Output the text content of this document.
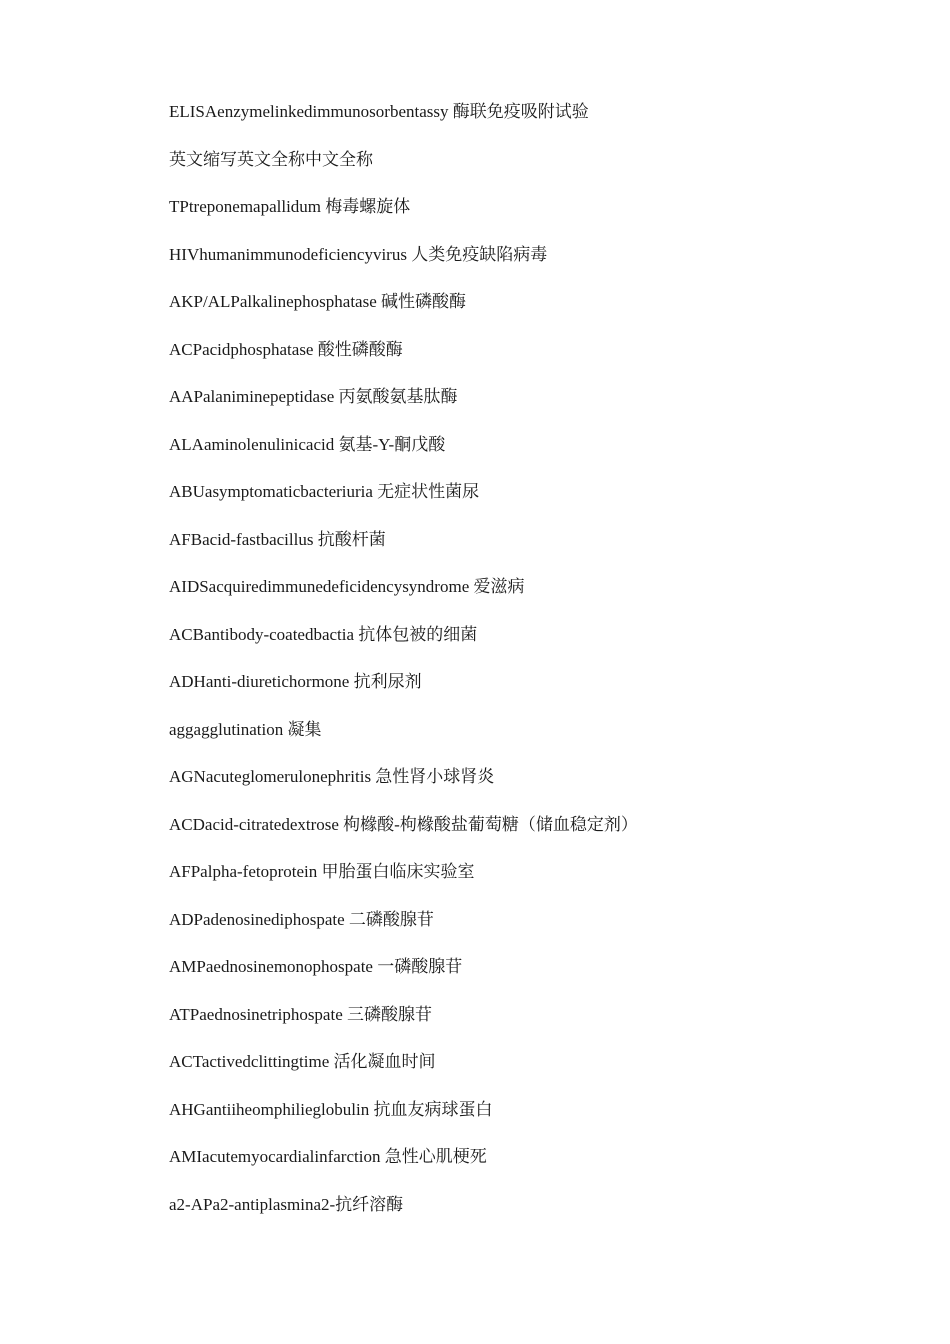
ELISAenzymelinkedimmunosorbentassy 酶联免疫吸附试验
英文缩写英文全称中文全称
TPtreponemapallidum 梅毒螺旋体
HIVhumanimmunodeficiencyvirus 人类免疫缺陷病毒
AKP/ALPalkalinephosphatase 碱性磷酸酶
ACPacidphosphatase 酸性磷酸酶
AAPalaniminepeptidase 丙氨酸氨基肽酶
ALAaminolenulinicacid 氨基-Y-酮戊酸
ABUasymptomaticbacteriuria 无症状性菌尿
AFBacid-fastbacillus 抗酸杆菌
AIDSacquiredimmunedeficidencysyndrome 爱滋病
ACBantibody-coatedbactia 抗体包被的细菌
ADHanti-diuretichormone 抗利尿剂
aggagglutination 凝集
AGNacuteglomerulonephritis 急性肾小球肾炎
ACDacid-citratedextrose 枸橼酸-枸橼酸盐葡萄糖（储血稳定剂）
AFPalpha-fetoprotein 甲胎蛋白临床实验室
ADPadenosinediphospate 二磷酸腺苷
AMPaednosinemonophospate 一磷酸腺苷
ATPaednosinetriphospate 三磷酸腺苷
ACTactivedclittingtime 活化凝血时间
AHGantiiheomphilieglobulin 抗血友病球蛋白
AMIacutemyocardialinfarction 急性心肌梗死
a2-APa2-antiplasmina2-抗纤溶酶
